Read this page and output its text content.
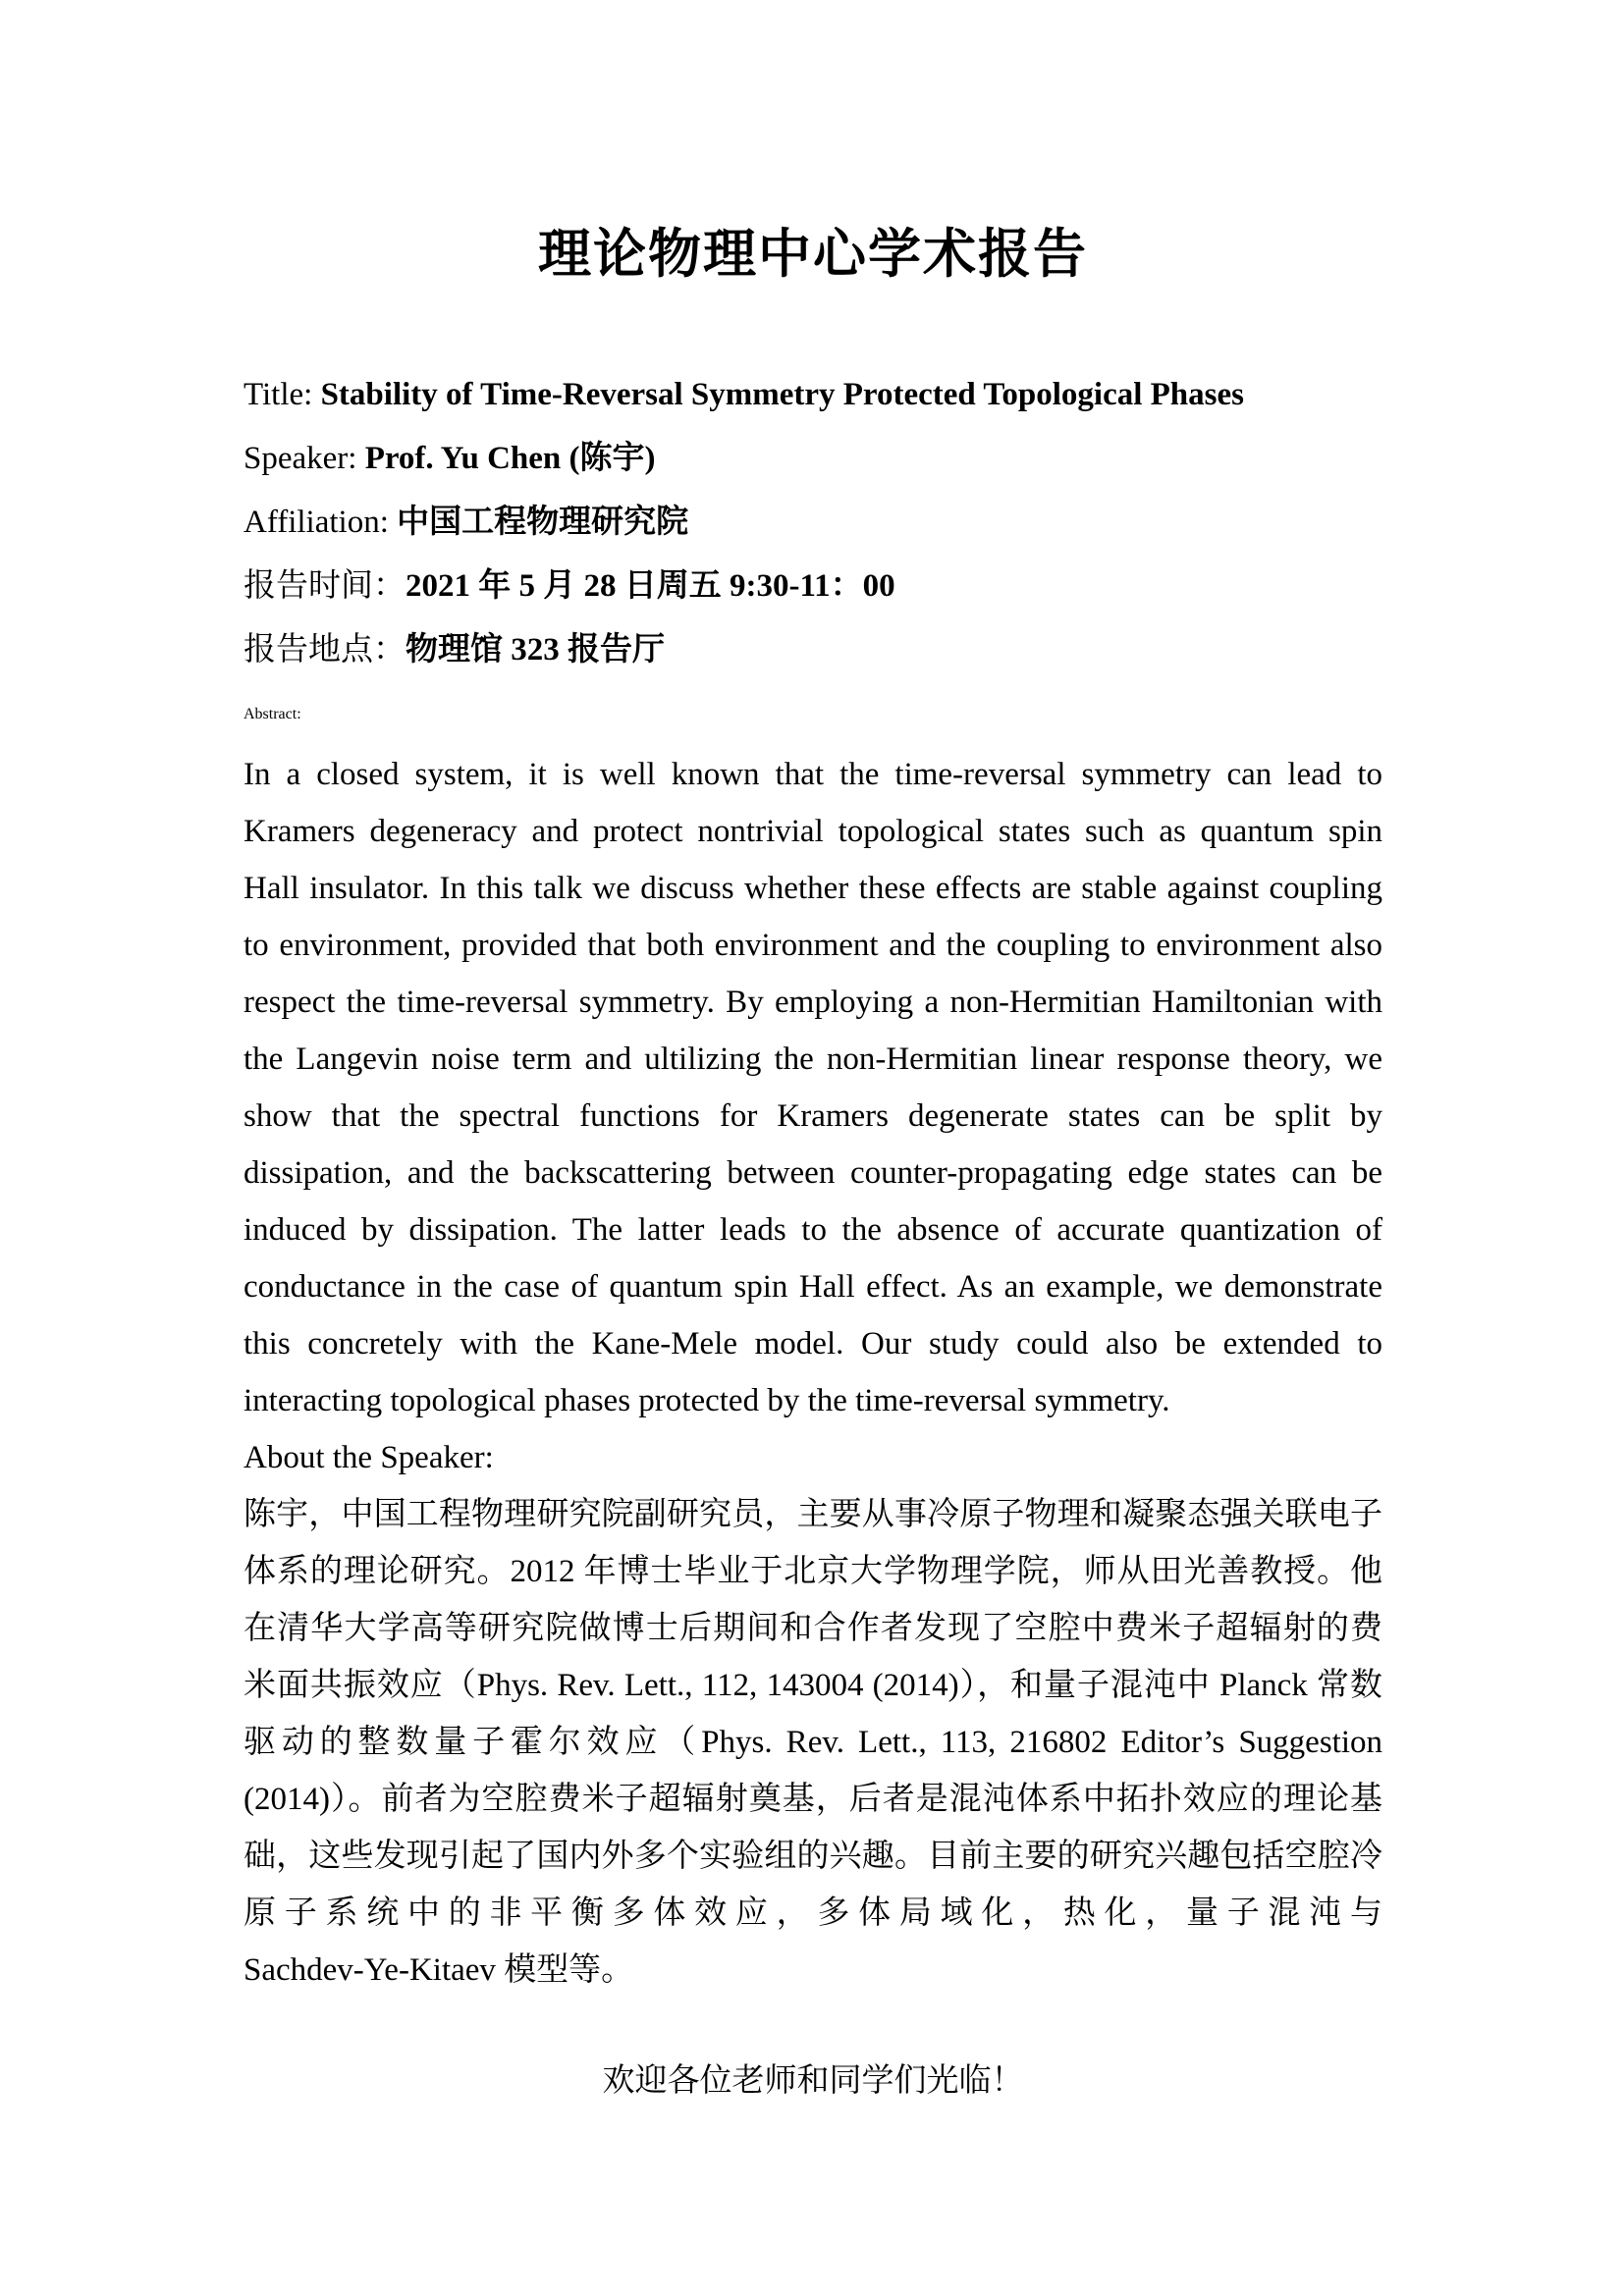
理论物理中心学术报告
Title: Stability of Time-Reversal Symmetry Protected Topological Phases
Speaker: Prof. Yu Chen (陈宇)
Affiliation: 中国工程物理研究院
报告时间：2021 年 5 月 28 日周五 9:30-11：00
报告地点：物理馆 323 报告厅
Abstract:
In a closed system, it is well known that the time-reversal symmetry can lead to
Kramers degeneracy and protect nontrivial topological states such as quantum spin
Hall insulator. In this talk we discuss whether these effects are stable against coupling
to environment, provided that both environment and the coupling to environment also
respect the time-reversal symmetry. By employing a non-Hermitian Hamiltonian with
the Langevin noise term and ultilizing the non-Hermitian linear response theory, we
show that the spectral functions for Kramers degenerate states can be split by
dissipation, and the backscattering between counter-propagating edge states can be
induced by dissipation. The latter leads to the absence of accurate quantization of
conductance in the case of quantum spin Hall effect. As an example, we demonstrate
this concretely with the Kane-Mele model. Our study could also be extended to
interacting topological phases protected by the time-reversal symmetry.
About the Speaker:
陈宇，中国工程物理研究院副研究员，主要从事冷原子物理和凝聚态强关联电子
体系的理论研究。2012 年博士毕业于北京大学物理学院，师从田光善教授。他
在清华大学高等研究院做博士后期间和合作者发现了空腔中费米子超辐射的费
米面共振效应（Phys. Rev. Lett., 112, 143004 (2014)），和量子混沌中 Planck 常数
驱动的整数量子霍尔效应（Phys. Rev. Lett., 113, 216802 Editor’s Suggestion
(2014)）。前者为空腔费米子超辐射奠基，后者是混沌体系中拓扑效应的理论基
础，这些发现引起了国内外多个实验组的兴趣。目前主要的研究兴趣包括空腔冷
原子系统中的非平衡多体效应，多体局域化，热化，量子混沌与
Sachdev-Ye-Kitaev 模型等。
欢迎各位老师和同学们光临！
